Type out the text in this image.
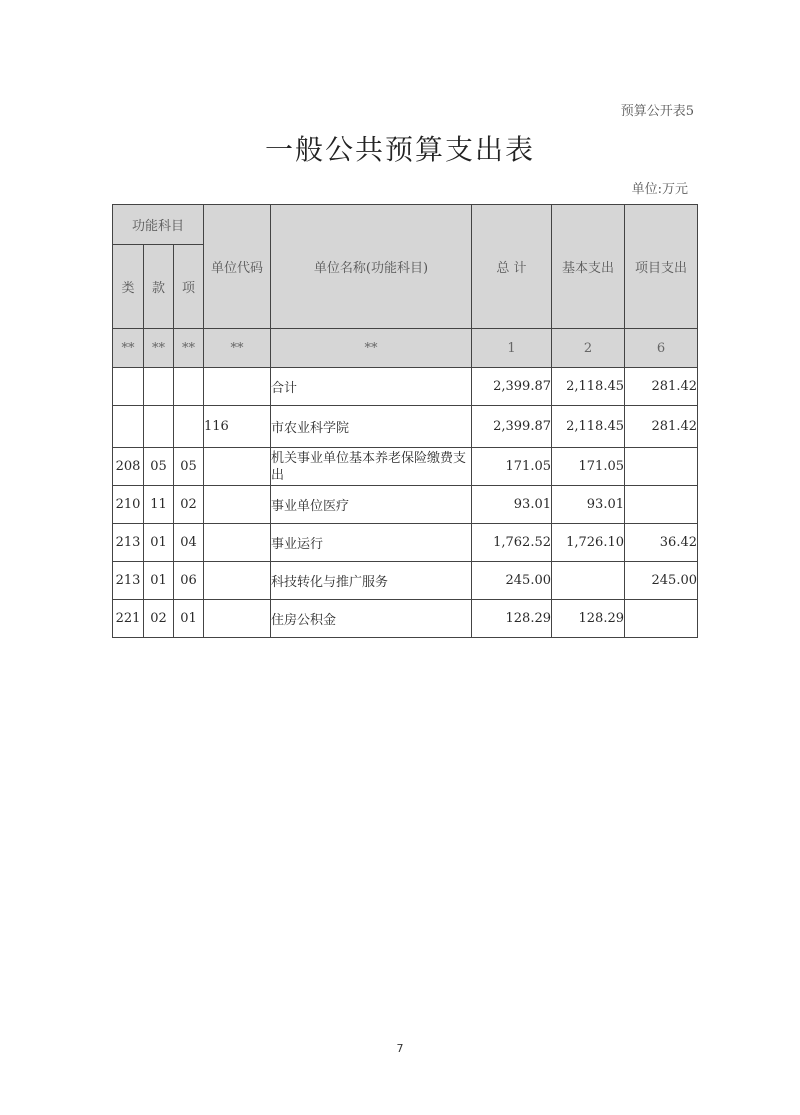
预算公开表5
一般公共预算支出表
单位:万元
功能科目			单位代码	单位名称(功能科目)	总 计	基本支出	项目支出
类	款	项					
**	**	**	**	**	1	2	6
				合计	2,399.87	2,118.45	281.42
			116	市农业科学院	2,399.87	2,118.45	281.42
208	05	05		机关事业单位基本养老保险缴费支出	171.05	171.05	
210	11	02		事业单位医疗	93.01	93.01	
213	01	04		事业运行	1,762.52	1,726.10	36.42
213	01	06		科技转化与推广服务	245.00		245.00
221	02	01		住房公积金	128.29	128.29	
7
